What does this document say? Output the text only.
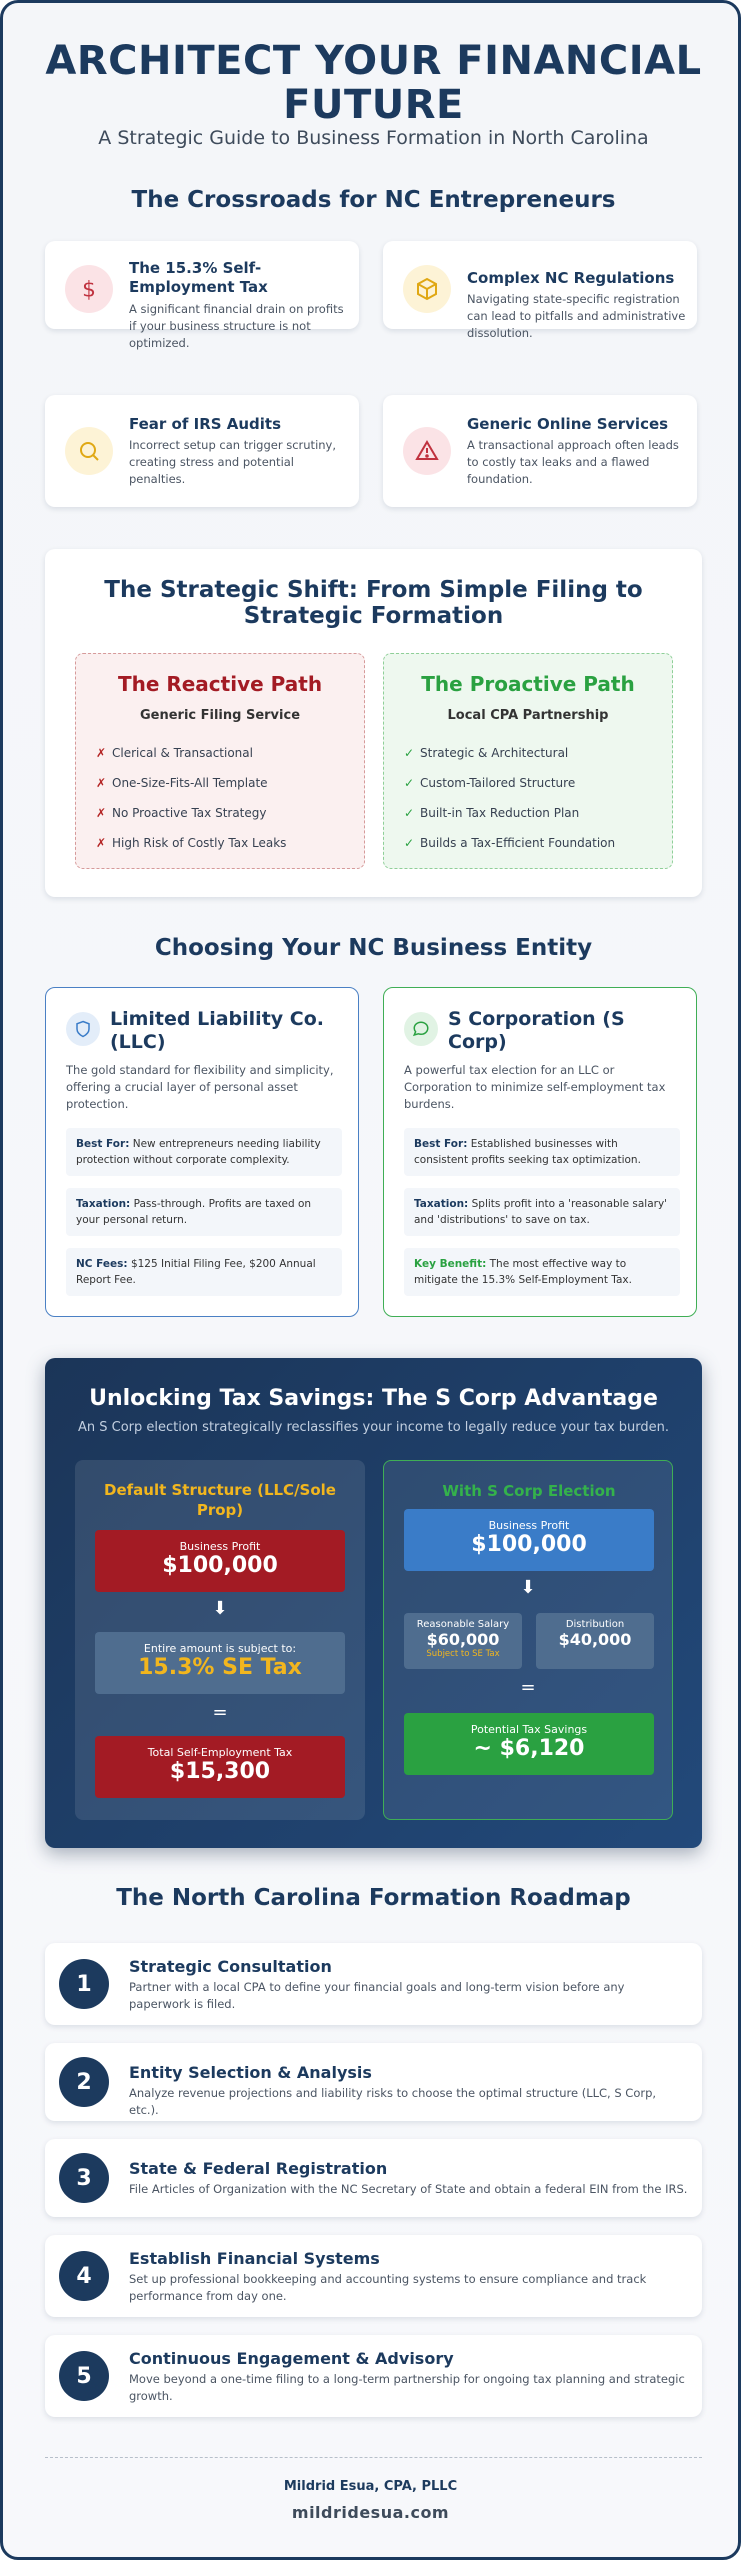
ARCHITECT YOUR FINANCIAL FUTURE
A Strategic Guide to Business Formation in North Carolina
The Crossroads for NC Entrepreneurs
$
The 15.3% Self-Employment Tax
A significant financial drain on profits if your business structure is not optimized.
Complex NC Regulations
Navigating state-specific registration can lead to pitfalls and administrative dissolution.
Fear of IRS Audits
Incorrect setup can trigger scrutiny, creating stress and potential penalties.
Generic Online Services
A transactional approach often leads to costly tax leaks and a flawed foundation.
The Strategic Shift: From Simple Filing to Strategic Formation
The Reactive Path
Generic Filing Service
✗ Clerical & Transactional
✗ One-Size-Fits-All Template
✗ No Proactive Tax Strategy
✗ High Risk of Costly Tax Leaks
The Proactive Path
Local CPA Partnership
✓ Strategic & Architectural
✓ Custom-Tailored Structure
✓ Built-in Tax Reduction Plan
✓ Builds a Tax-Efficient Foundation
Choosing Your NC Business Entity
Limited Liability Co. (LLC)
The gold standard for flexibility and simplicity, offering a crucial layer of personal asset protection.
Best For: New entrepreneurs needing liability protection without corporate complexity.
Taxation: Pass-through. Profits are taxed on your personal return.
NC Fees: $125 Initial Filing Fee, $200 Annual Report Fee.
S Corporation (S Corp)
A powerful tax election for an LLC or Corporation to minimize self-employment tax burdens.
Best For: Established businesses with consistent profits seeking tax optimization.
Taxation: Splits profit into a 'reasonable salary' and 'distributions' to save on tax.
Key Benefit: The most effective way to mitigate the 15.3% Self-Employment Tax.
Unlocking Tax Savings: The S Corp Advantage
An S Corp election strategically reclassifies your income to legally reduce your tax burden.
Default Structure (LLC/Sole Prop)
Business Profit
$100,000
⬇
Entire amount is subject to:
15.3% SE Tax
=
Total Self-Employment Tax
$15,300
With S Corp Election
Business Profit
$100,000
⬇
Reasonable Salary
$60,000
Subject to SE Tax
Distribution
$40,000
=
Potential Tax Savings
~ $6,120
The North Carolina Formation Roadmap
1
Strategic Consultation
Partner with a local CPA to define your financial goals and long-term vision before any paperwork is filed.
2	Entity Selection & Analysis
Analyze revenue projections and liability risks to choose the optimal structure (LLC, S Corp, etc.).
3	State & Federal Registration
File Articles of Organization with the NC Secretary of State and obtain a federal EIN from the IRS.
4
Establish Financial Systems
Set up professional bookkeeping and accounting systems to ensure compliance and track performance from day one.
5
Continuous Engagement & Advisory
Move beyond a one-time filing to a long-term partnership for ongoing tax planning and strategic growth.
Mildrid Esua, CPA, PLLC
mildridesua.com
